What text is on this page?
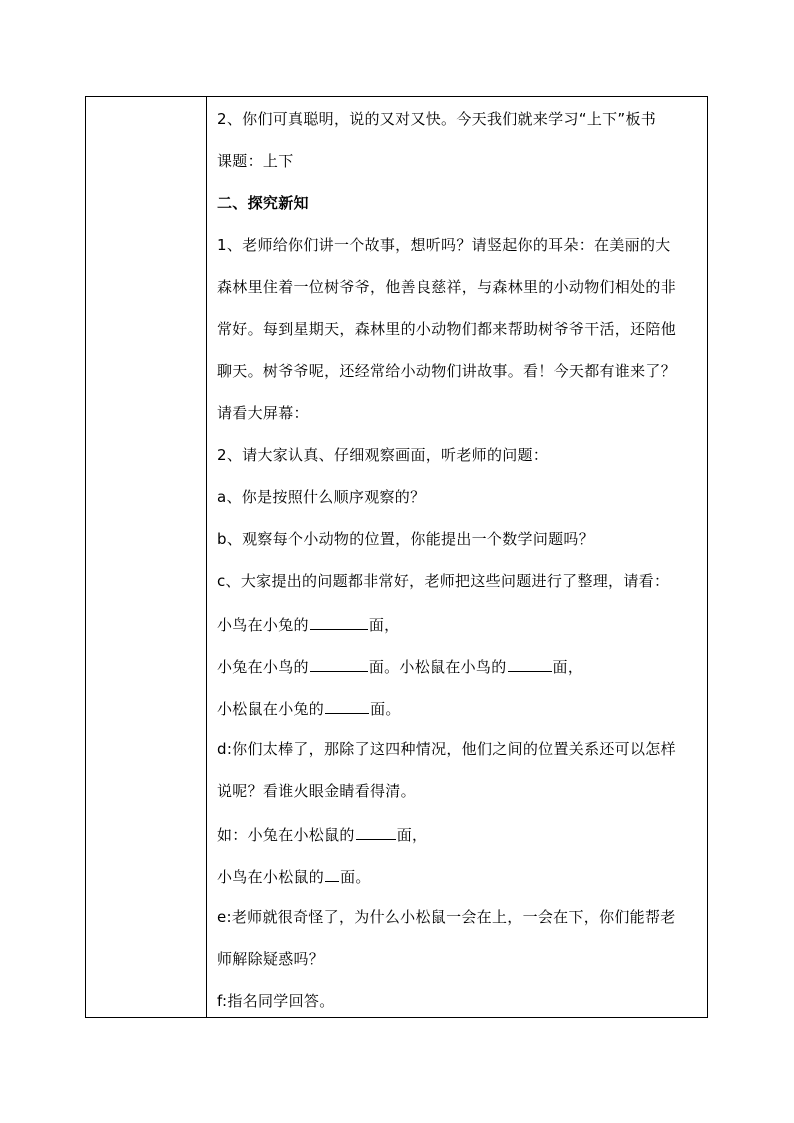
2、你们可真聪明，说的又对又快。今天我们就来学习“上下”板书
课题：上下
二、探究新知
1、老师给你们讲一个故事，想听吗？请竖起你的耳朵：在美丽的大
森林里住着一位树爷爷，他善良慈祥，与森林里的小动物们相处的非
常好。每到星期天，森林里的小动物们都来帮助树爷爷干活，还陪他
聊天。树爷爷呢，还经常给小动物们讲故事。看！今天都有谁来了？
请看大屏幕：
2、请大家认真、仔细观察画面，听老师的问题：
a、你是按照什么顺序观察的？
b、观察每个小动物的位置，你能提出一个数学问题吗？
c、大家提出的问题都非常好，老师把这些问题进行了整理，请看：
小鸟在小兔的	面，
小兔在小鸟的	面。小松鼠在小鸟的	面，
小松鼠在小兔的	面。
d:你们太棒了，那除了这四种情况，他们之间的位置关系还可以怎样
说呢？看谁火眼金睛看得清。
如：小兔在小松鼠的	面，
小鸟在小松鼠的 面。
e:老师就很奇怪了，为什么小松鼠一会在上，一会在下，你们能帮老
师解除疑惑吗？
f:指名同学回答。
